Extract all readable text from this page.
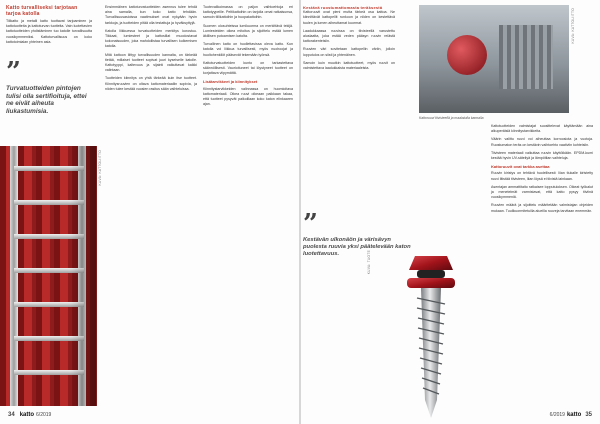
Katto turvalliseksi tarjotaan tarjoa katolla
Tilikatto ja metalli katto tuottavat tarjoaminen ja kattotuotteita ja kattoturvan tuotteita. Vain luotettavien kattotuotteiden yhdistäminen tuo katolle turvallisuutta vuosikymmeniksi. Kattoturvallisuus on koko kattotoimialan yhteinen asia.
”
Turvatuotteiden pintojen tulisi olla sertifioituja, ettei ne eivät aiheuta liukastumisia.
KUVA: KATTOLIITTO

Ensimmäinen kattoturvatuotteiden asennus tulee tehdä aina samalla, kun koko katto tehdään. Turvallisuusasioissa vaatimukset ovat nykyään hyvin tarkkoja, ja tuotteiden pitää olla testattuja ja hyväksyttyjä.

Katolla liikkuessa turvatuotteiden merkitys korostuu. Tikkaat, lumiesteet ja kattosillat muodostavat kokonaisuuden, joka mahdollistaa turvallisen kulkemisen katolla.

Mitä kattoon liittyy turvallisuuden kannalta, on tärkeää tietää, millaiset tuotteet sopivat juuri kyseiselle katolle. Kattotyyppi, kaltevuus ja sijainti vaikuttavat kaikki valintaan.

Tuotteiden kiinnitys on yhtä tärkeää kuin itse tuotteet. Kiinnitysruuvien on oltava kattomateriaaliin sopivia, ja niiden tulee kestää vuosien rasitus sään vaihteluissa.

Tuotevalikoimassa on paljon vaihtoehtoja eri kattotyypeille. Peltikattoihin on tarjolla omat ratkaisunsa, samoin tiilikattoihin ja huopakattoihin.

Suomen olosuhteissa lumikuorma on merkittävä tekijä. Lumiesteiden oikea mitoitus ja sijoittelu estää lumen äkillisen putoamisen katolta.

Turvallinen katto on huollettavissa oleva katto. Kun katolla voi liikkua turvallisesti, myös nuohoojat ja huoltohenkilöt pääsevät tekemään työnsä.

Kattoturvatuotteiden kunto on tarkastettava säännöllisesti. Vaurioituneet tai löystyneet tuotteet on korjattava viipymättä.

Lisätarvikkeet ja kiinnitykset

Kiinnitystarvikkeiden valinnassa on huomioitava kattomateriaali. Oikea ruuvi oikeaan paikkaan takaa, että tuotteet pysyvät paikoillaan koko katon elinkaaren ajan.

34 katto 6/2019
Kestävä ruostumattomasta teräksestä

Kattoruuvit ovat pieni mutta tärkeä osa kattoa. Ne kiinnittävät kattopellit runkoon ja niiden on kestettävä tuulen ja lumen aiheuttamat kuormat.

Laadukkaassa ruuvissa on tiivisteellä varustettu aluslaatta, joka estää veden pääsyn ruuvin reiästä kattorakenteisiin.

Ruuvien väri sovitetaan kattopellin väriin, jolloin lopputulos on siisti ja yhtenäinen.

Samoin kuin muutkin kattotuotteet, myös ruuvit on valmistettava laadukkaista materiaaleista.

”
Kestävän ulkonäön ja värisävyn puolesta ruuvia yksi päätelevään katon luotettavuus.	KUVA: TUOTE
KUVA: KATTOLIITTO
Kattoruuvi tiivisteellä ja maalatulla kannalla

Kattotuotteiden valmistajat suosittelevat käyttämään aina alkuperäisiä kiinnitystarvikkeita.

Väärin valittu ruuvi voi aiheuttaa korroosiota ja vuotoja. Ruostumaton teräs on kestävin vaihtoehto vaativiin kohteisiin.

Tiivisteen materiaali vaikuttaa ruuvin käyttöikään. EPDM-kumi kestää hyvin UV-säteilyä ja lämpötilan vaihteluja.

Kattoruuvit ovat tarkka asettaa

Ruuvin kiristys on tehtävä huolellisesti: liian tiukalle kiristetty ruuvi litistää tiivisteen, liian löysä ei tiivistä lainkaan.

Asentajan ammattitaito ratkaisee lopputuloksen. Oikeat työkalut ja menetelmät varmistavat, että katto pysyy tiiviinä vuosikymmeniä.

Ruuvien määrä ja sijoittelu määritetään valmistajan ohjeiden mukaan. Tuulikuormitetuilla alueilla ruuveja tarvitaan enemmän.

6/2019 katto 35
